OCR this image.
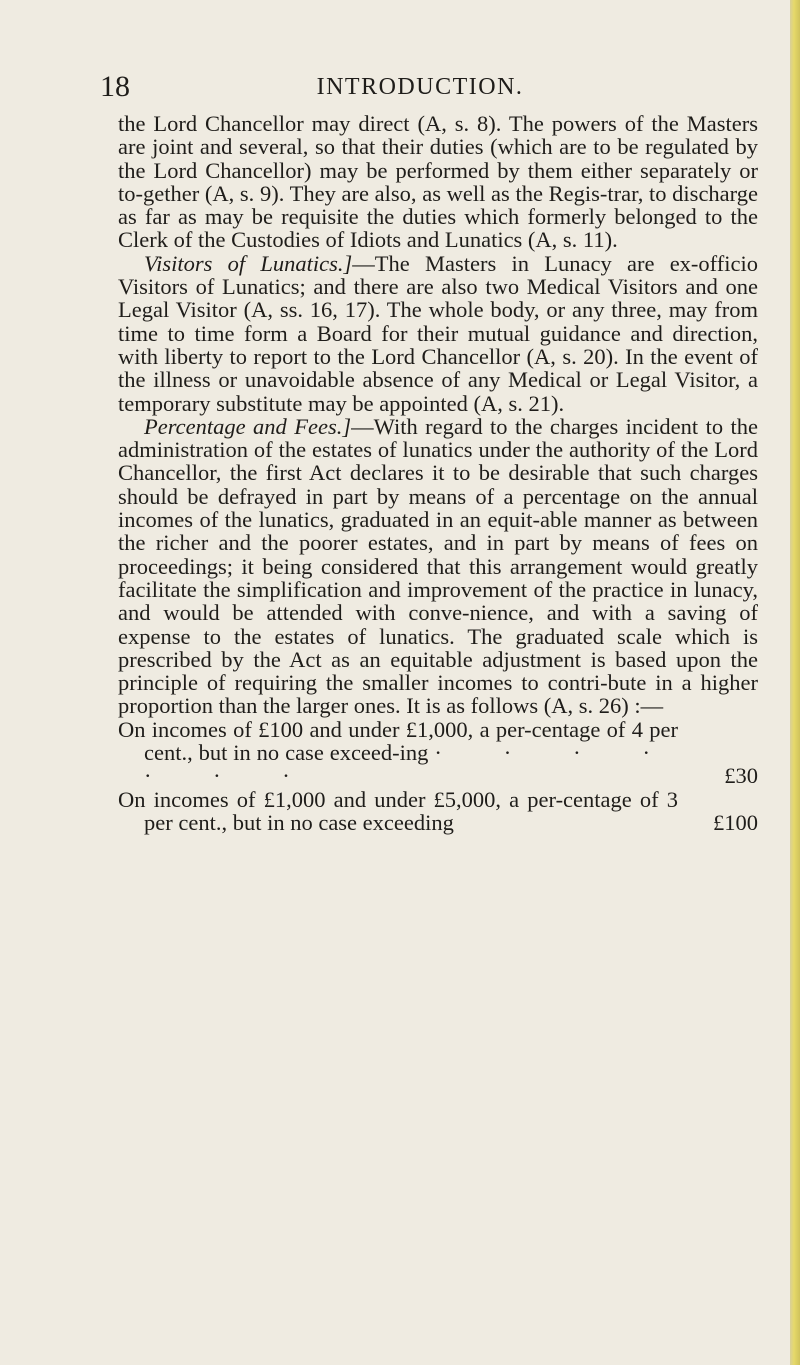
18	INTRODUCTION.

the Lord Chancellor may direct (A, s. 8). The powers of the Masters are joint and several, so that their duties (which are to be regulated by the Lord Chancellor) may be performed by them either separately or to-gether (A, s. 9). They are also, as well as the Regis-trar, to discharge as far as may be requisite the duties which formerly belonged to the Clerk of the Custodies of Idiots and Lunatics (A, s. 11).

Visitors of Lunatics.]—The Masters in Lunacy are ex-officio Visitors of Lunatics; and there are also two Medical Visitors and one Legal Visitor (A, ss. 16, 17). The whole body, or any three, may from time to time form a Board for their mutual guidance and direction, with liberty to report to the Lord Chancellor (A, s. 20). In the event of the illness or unavoidable absence of any Medical or Legal Visitor, a temporary substitute may be appointed (A, s. 21).

Percentage and Fees.]—With regard to the charges incident to the administration of the estates of lunatics under the authority of the Lord Chancellor, the first Act declares it to be desirable that such charges should be defrayed in part by means of a percentage on the annual incomes of the lunatics, graduated in an equit-able manner as between the richer and the poorer estates, and in part by means of fees on proceedings; it being considered that this arrangement would greatly facilitate the simplification and improvement of the practice in lunacy, and would be attended with conve-nience, and with a saving of expense to the estates of lunatics. The graduated scale which is prescribed by the Act as an equitable adjustment is based upon the principle of requiring the smaller incomes to contri-bute in a higher proportion than the larger ones. It is as follows (A, s. 26) :—

On incomes of £100 and under £1,000, a per-centage of 4 per cent., but in no case exceed-ing · · · · · · ·	£30
On incomes of £1,000 and under £5,000, a per-centage of 3 per cent., but in no case exceeding	£100
